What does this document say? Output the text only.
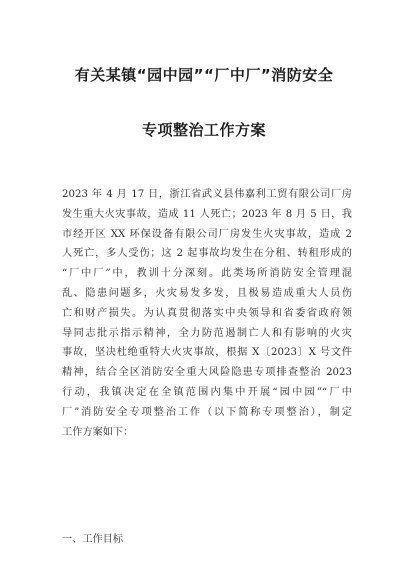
有关某镇“园中园”“厂中厂”消防安全
专项整治工作方案
2023 年 4 月 17 日，浙江省武义县伟嘉利工贸有限公司厂房
发生重大火灾事故，造成 11 人死亡；2023 年 8 月 5 日，我
市经开区 XX 环保设备有限公司厂房发生火灾事故，造成 2
人死亡，多人受伤；这 2 起事故均发生在分租、转租形成的
“厂中厂”中，教训十分深刻。此类场所消防安全管理混
乱、隐患问题多，火灾易发多发，且极易造成重大人员伤
亡和财产损失。为认真贯彻落实中央领导和省委省政府领
导同志批示指示精神，全力防范遏制亡人和有影响的火灾
事故，坚决杜绝重特大火灾事故，根据 X〔2023〕X 号文件
精神，结合全区消防安全重大风险隐患专项排查整治 2023
行动，我镇决定在全镇范围内集中开展“园中园”“厂中
厂”消防安全专项整治工作（以下简称专项整治），制定
工作方案如下：
一、工作目标
